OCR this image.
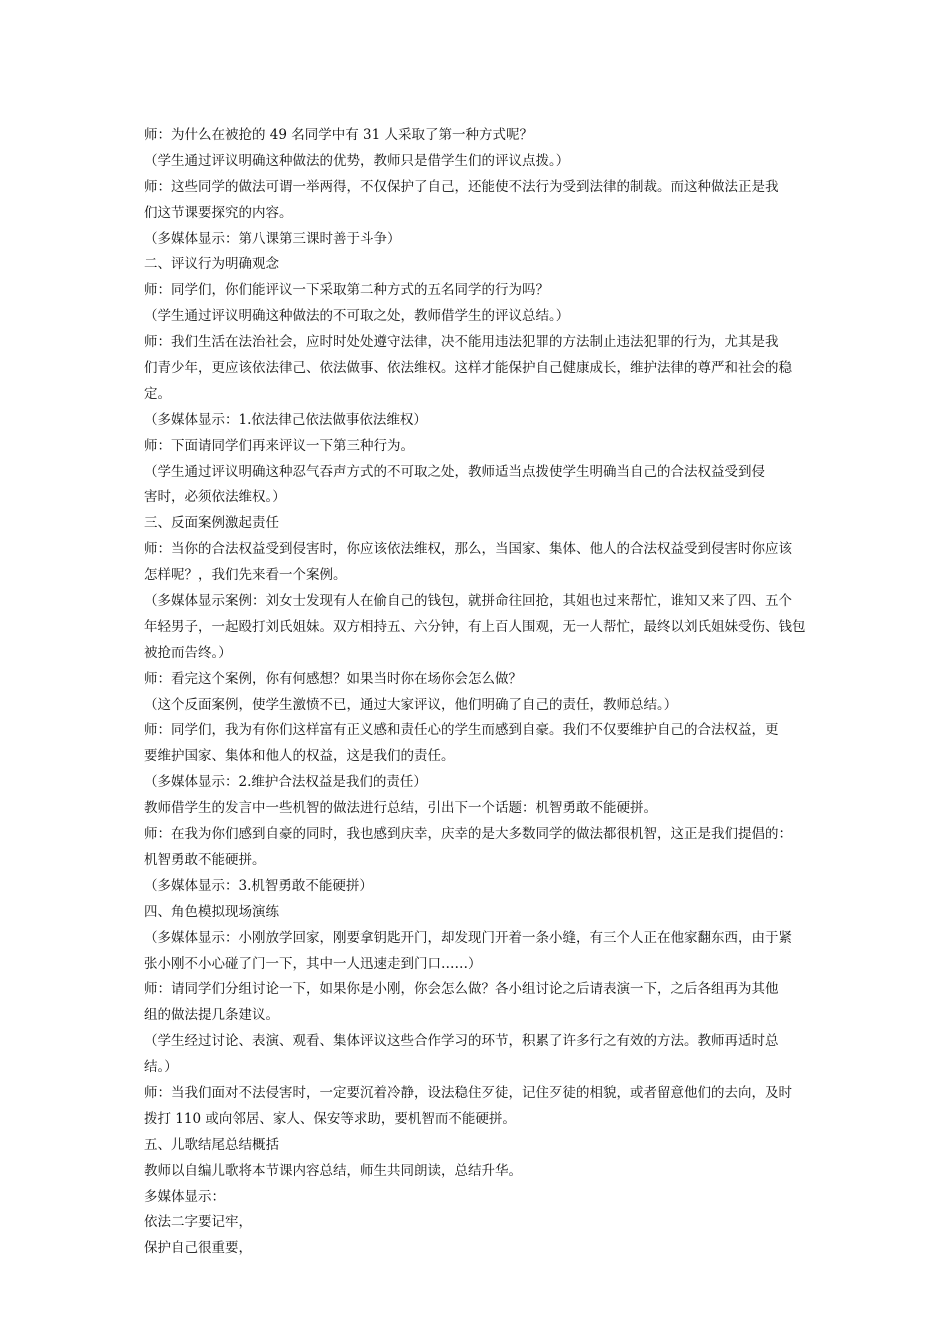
师：为什么在被抢的 49 名同学中有 31 人采取了第一种方式呢？
（学生通过评议明确这种做法的优势，教师只是借学生们的评议点拨。）
师：这些同学的做法可谓一举两得，不仅保护了自己，还能使不法行为受到法律的制裁。而这种做法正是我
们这节课要探究的内容。
（多媒体显示：第八课第三课时善于斗争）
二、评议行为明确观念
师：同学们，你们能评议一下采取第二种方式的五名同学的行为吗？
（学生通过评议明确这种做法的不可取之处，教师借学生的评议总结。）
师：我们生活在法治社会，应时时处处遵守法律，决不能用违法犯罪的方法制止违法犯罪的行为，尤其是我
们青少年，更应该依法律己、依法做事、依法维权。这样才能保护自己健康成长，维护法律的尊严和社会的稳
定。
（多媒体显示：1.依法律己依法做事依法维权）
师：下面请同学们再来评议一下第三种行为。
（学生通过评议明确这种忍气吞声方式的不可取之处，教师适当点拨使学生明确当自己的合法权益受到侵
害时，必须依法维权。）
三、反面案例激起责任
师：当你的合法权益受到侵害时，你应该依法维权，那么，当国家、集体、他人的合法权益受到侵害时你应该
怎样呢？，我们先来看一个案例。
（多媒体显示案例：刘女士发现有人在偷自己的钱包，就拼命往回抢，其姐也过来帮忙，谁知又来了四、五个
年轻男子，一起殴打刘氏姐妹。双方相持五、六分钟，有上百人围观，无一人帮忙，最终以刘氏姐妹受伤、钱包
被抢而告终。）
师：看完这个案例，你有何感想？如果当时你在场你会怎么做？
（这个反面案例，使学生激愤不已，通过大家评议，他们明确了自己的责任，教师总结。）
师：同学们，我为有你们这样富有正义感和责任心的学生而感到自豪。我们不仅要维护自己的合法权益，更
要维护国家、集体和他人的权益，这是我们的责任。
（多媒体显示：2.维护合法权益是我们的责任）
教师借学生的发言中一些机智的做法进行总结，引出下一个话题：机智勇敢不能硬拼。
师：在我为你们感到自豪的同时，我也感到庆幸，庆幸的是大多数同学的做法都很机智，这正是我们提倡的：
机智勇敢不能硬拼。
（多媒体显示：3.机智勇敢不能硬拼）
四、角色模拟现场演练
（多媒体显示：小刚放学回家，刚要拿钥匙开门，却发现门开着一条小缝，有三个人正在他家翻东西，由于紧
张小刚不小心碰了门一下，其中一人迅速走到门口……）
师：请同学们分组讨论一下，如果你是小刚，你会怎么做？各小组讨论之后请表演一下，之后各组再为其他
组的做法提几条建议。
（学生经过讨论、表演、观看、集体评议这些合作学习的环节，积累了许多行之有效的方法。教师再适时总
结。）
师：当我们面对不法侵害时，一定要沉着冷静，设法稳住歹徒，记住歹徒的相貌，或者留意他们的去向，及时
拨打 110 或向邻居、家人、保安等求助，要机智而不能硬拼。
五、儿歌结尾总结概括
教师以自编儿歌将本节课内容总结，师生共同朗读，总结升华。
多媒体显示：
依法二字要记牢，
保护自己很重要，
